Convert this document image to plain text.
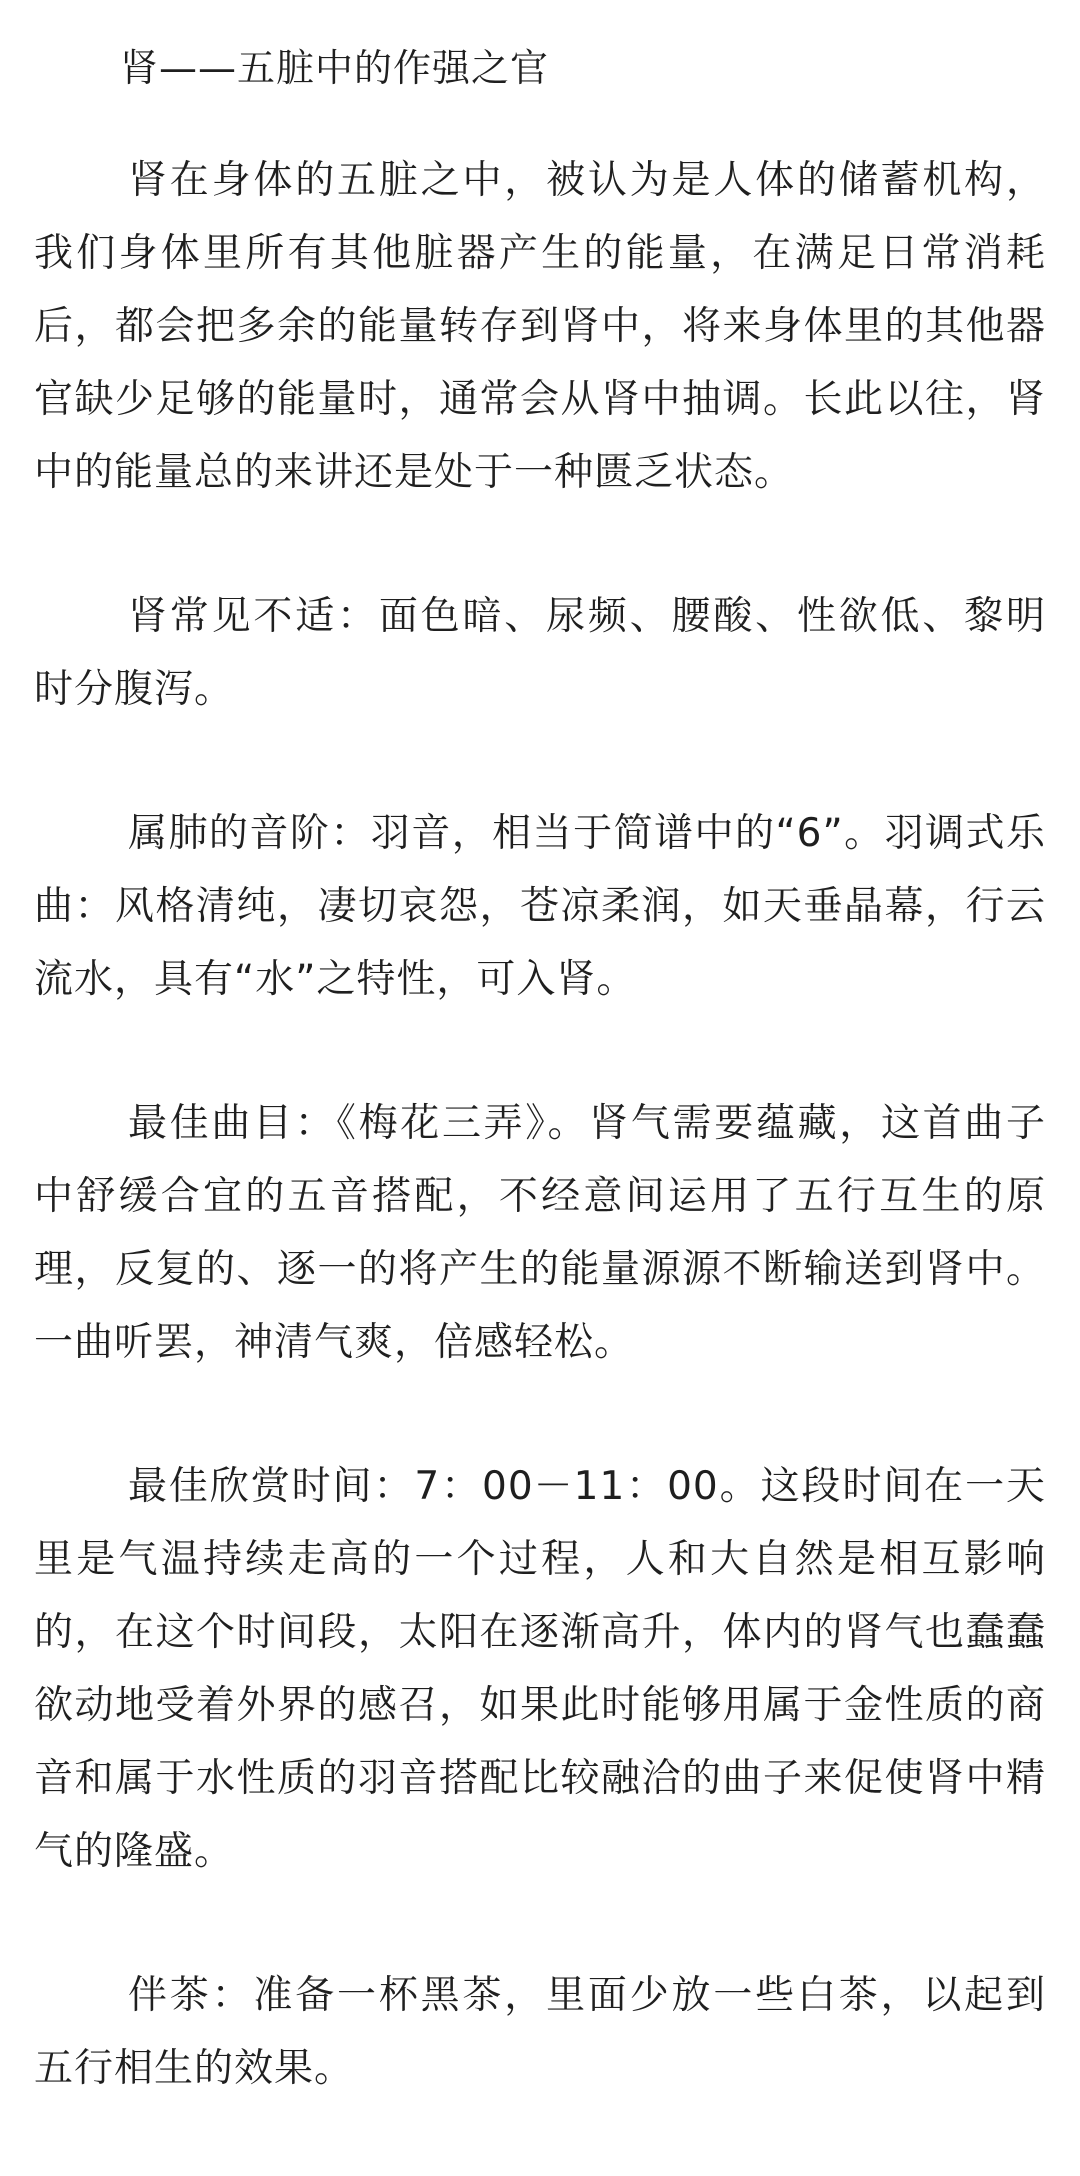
肾——五脏中的作强之官

肾在身体的五脏之中，被认为是人体的储蓄机构，我们身体里所有其他脏器产生的能量，在满足日常消耗后，都会把多余的能量转存到肾中，将来身体里的其他器官缺少足够的能量时，通常会从肾中抽调。长此以往，肾中的能量总的来讲还是处于一种匮乏状态。

肾常见不适：面色暗、尿频、腰酸、性欲低、黎明时分腹泻。

属肺的音阶：羽音，相当于简谱中的“6”。羽调式乐曲：风格清纯，凄切哀怨，苍凉柔润，如天垂晶幕，行云流水，具有“水”之特性，可入肾。

最佳曲目：《梅花三弄》。肾气需要蕴藏，这首曲子中舒缓合宜的五音搭配，不经意间运用了五行互生的原理，反复的、逐一的将产生的能量源源不断输送到肾中。一曲听罢，神清气爽，倍感轻松。

最佳欣赏时间：7：00－11：00。这段时间在一天里是气温持续走高的一个过程，人和大自然是相互影响的，在这个时间段，太阳在逐渐高升，体内的肾气也蠢蠢欲动地受着外界的感召，如果此时能够用属于金性质的商音和属于水性质的羽音搭配比较融洽的曲子来促使肾中精气的隆盛。

伴茶：准备一杯黑茶，里面少放一些白茶，以起到五行相生的效果。
